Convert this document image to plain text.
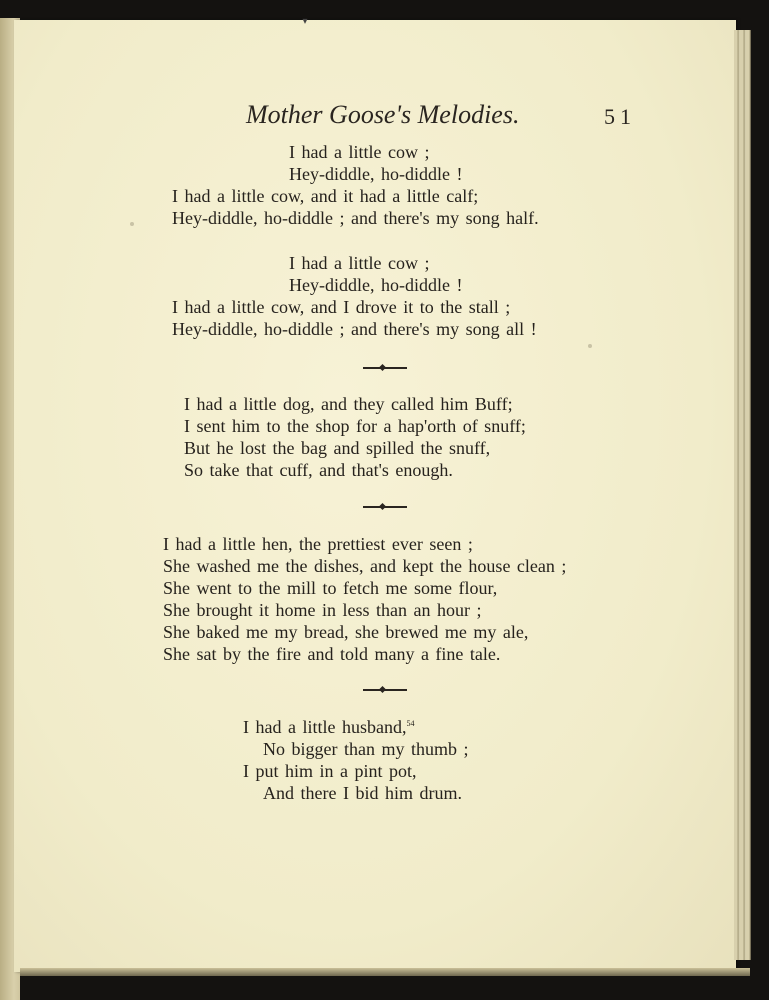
▾
Mother Goose's Melodies.	51
I had a little cow ;
Hey-diddle, ho-diddle !
I had a little cow, and it had a little calf;
Hey-diddle, ho-diddle ; and there's my song half.
I had a little cow ;
Hey-diddle, ho-diddle !
I had a little cow, and I drove it to the stall ;
Hey-diddle, ho-diddle ; and there's my song all !
I had a little dog, and they called him Buff;
I sent him to the shop for a hap'orth of snuff;
But he lost the bag and spilled the snuff,
So take that cuff, and that's enough.
I had a little hen, the prettiest ever seen ;
She washed me the dishes, and kept the house clean ;
She went to the mill to fetch me some flour,
She brought it home in less than an hour ;
She baked me my bread, she brewed me my ale,
She sat by the fire and told many a fine tale.
I had a little husband,$^{54}$
No bigger than my thumb ;
I put him in a pint pot,
And there I bid him drum.
